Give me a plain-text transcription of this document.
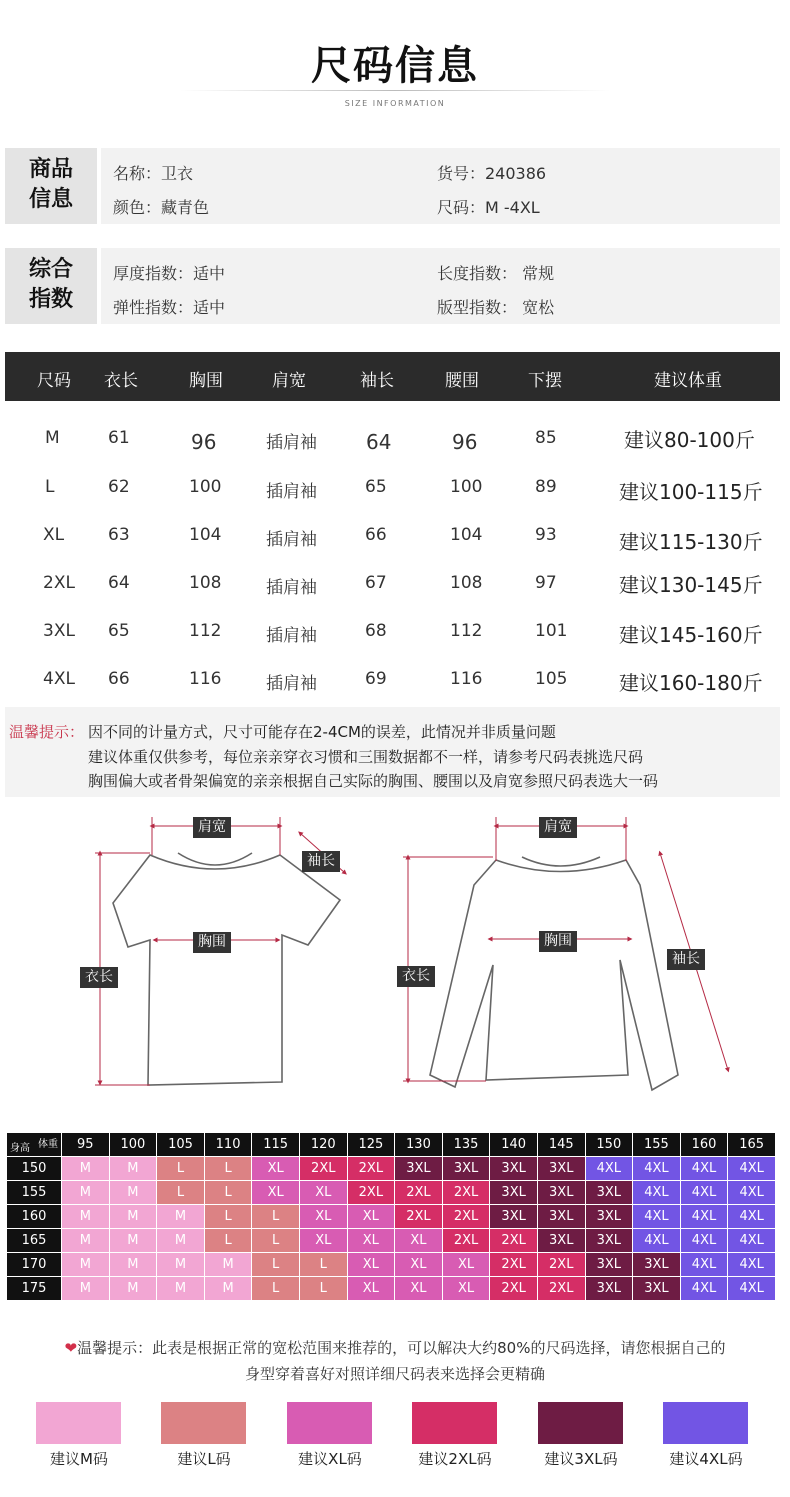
尺码信息
SIZE INFORMATION
商品
信息
名称：卫衣	货号：240386
颜色：藏青色	尺码：M -4XL
综合
指数
厚度指数：适中	长度指数： 常规
弹性指数：适中	版型指数： 宽松
尺码 衣长	胸围	肩宽	袖长	腰围	下摆	建议体重
M	61	96	插肩袖 64	96	85	建议80-100斤
L	62	100	插肩袖	65	100	89	建议100-115斤
XL	63	104	插肩袖	66	104	93	建议115-130斤
2XL 64	108	插肩袖	67	108	97	建议130-145斤
3XL 65	112	插肩袖	68	112	101	建议145-160斤
4XL 66	116	插肩袖	69	116	105	建议160-180斤
温馨提示： 因不同的计量方式，尺寸可能存在2-4CM的误差，此情况并非质量问题
建议体重仅供参考，每位亲亲穿衣习惯和三围数据都不一样，请参考尺码表挑选尺码
胸围偏大或者骨架偏宽的亲亲根据自己实际的胸围、腰围以及肩宽参照尺码表选大一码
肩宽
袖长
胸围
衣长
肩宽
胸围
衣长
袖长
体重
身高	95	100	105	110	115	120	125	130	135	140	145	150	155	160	165
150	M	M	L	L	XL	2XL	2XL	3XL	3XL	3XL	3XL	4XL	4XL	4XL	4XL
155	M	M	L	L	XL	XL	2XL	2XL	2XL	3XL	3XL	3XL	4XL	4XL	4XL
160	M	M	M	L	L	XL	XL	2XL	2XL	3XL	3XL	3XL	4XL	4XL	4XL
165	M	M	M	L	L	XL	XL	XL	2XL	2XL	3XL	3XL	4XL	4XL	4XL
170	M	M	M	M	L	L	XL	XL	XL	2XL	2XL	3XL	3XL	4XL	4XL
175	M	M	M	M	L	L	XL	XL	XL	2XL	2XL	3XL	3XL	4XL	4XL
❤温馨提示：此表是根据正常的宽松范围来推荐的，可以解决大约80%的尺码选择，请您根据自己的
身型穿着喜好对照详细尺码表来选择会更精确
建议M码	建议L码	建议XL码	建议2XL码	建议3XL码	建议4XL码
